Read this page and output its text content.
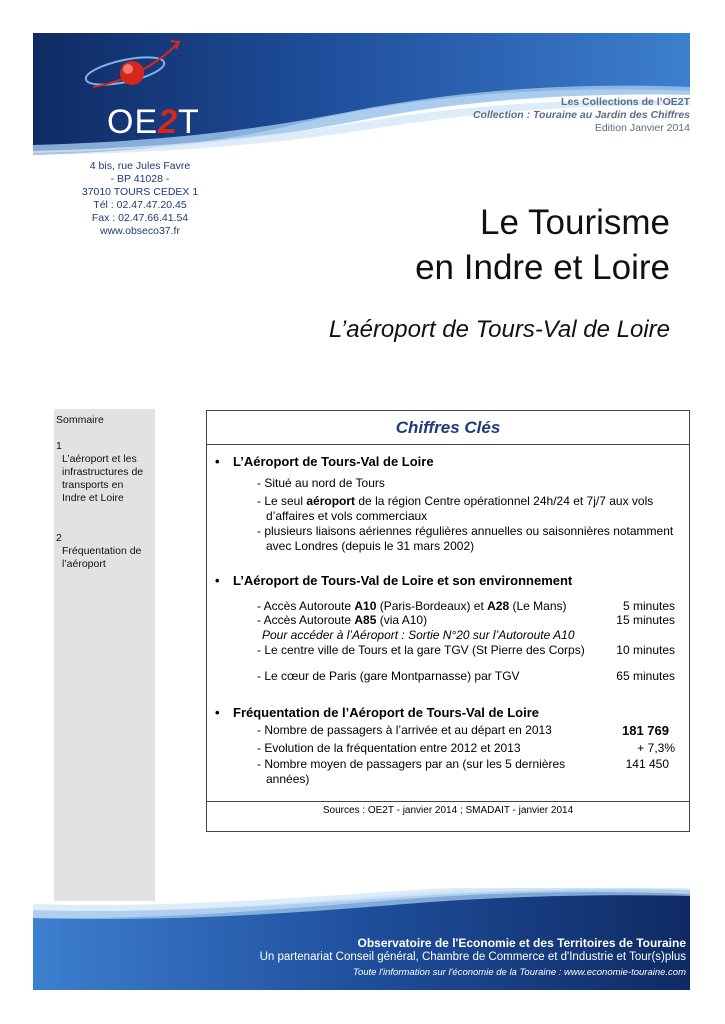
OE2T
Les Collections de l’OE2T
Collection : Touraine au Jardin des Chiffres
Edition Janvier 2014
4 bis, rue Jules Favre
- BP 41028 -
37010 TOURS CEDEX 1
Tél : 02.47.47.20.45
Fax : 02.47.66.41.54
www.obseco37.fr	Le Tourisme
en Indre et Loire
L’aéroport de Tours-Val de Loire
Sommaire
1
L’aéroport et les
infrastructures de
transports en
Indre et Loire
2
Fréquentation de
l’aéroport
Chiffres Clés
• L’Aéroport de Tours-Val de Loire
- Situé au nord de Tours
- Le seul aéroport de la région Centre opérationnel 24h/24 et 7j/7 aux vols
d’affaires et vols commerciaux
- plusieurs liaisons aériennes régulières annuelles ou saisonnières notamment
avec Londres (depuis le 31 mars 2002)
• L’Aéroport de Tours-Val de Loire et son environnement
- Accès Autoroute A10 (Paris-Bordeaux) et A28 (Le Mans)	5 minutes
- Accès Autoroute A85 (via A10)	15 minutes
Pour accéder à l’Aéroport : Sortie N°20 sur l’Autoroute A10
- Le centre ville de Tours et la gare TGV (St Pierre des Corps)	10 minutes
- Le cœur de Paris (gare Montparnasse) par TGV	65 minutes
• Fréquentation de l’Aéroport de Tours-Val de Loire
- Nombre de passagers à l’arrivée et au départ en 2013	181 769
- Evolution de la fréquentation entre 2012 et 2013	+ 7,3%
- Nombre moyen de passagers par an (sur les 5 dernières	141 450
années)
Sources : OE2T - janvier 2014 ; SMADAIT - janvier 2014
Observatoire de l'Economie et des Territoires de Touraine
Un partenariat Conseil général, Chambre de Commerce et d'Industrie et Tour(s)plus
Toute l'information sur l'économie de la Touraine : www.economie-touraine.com
